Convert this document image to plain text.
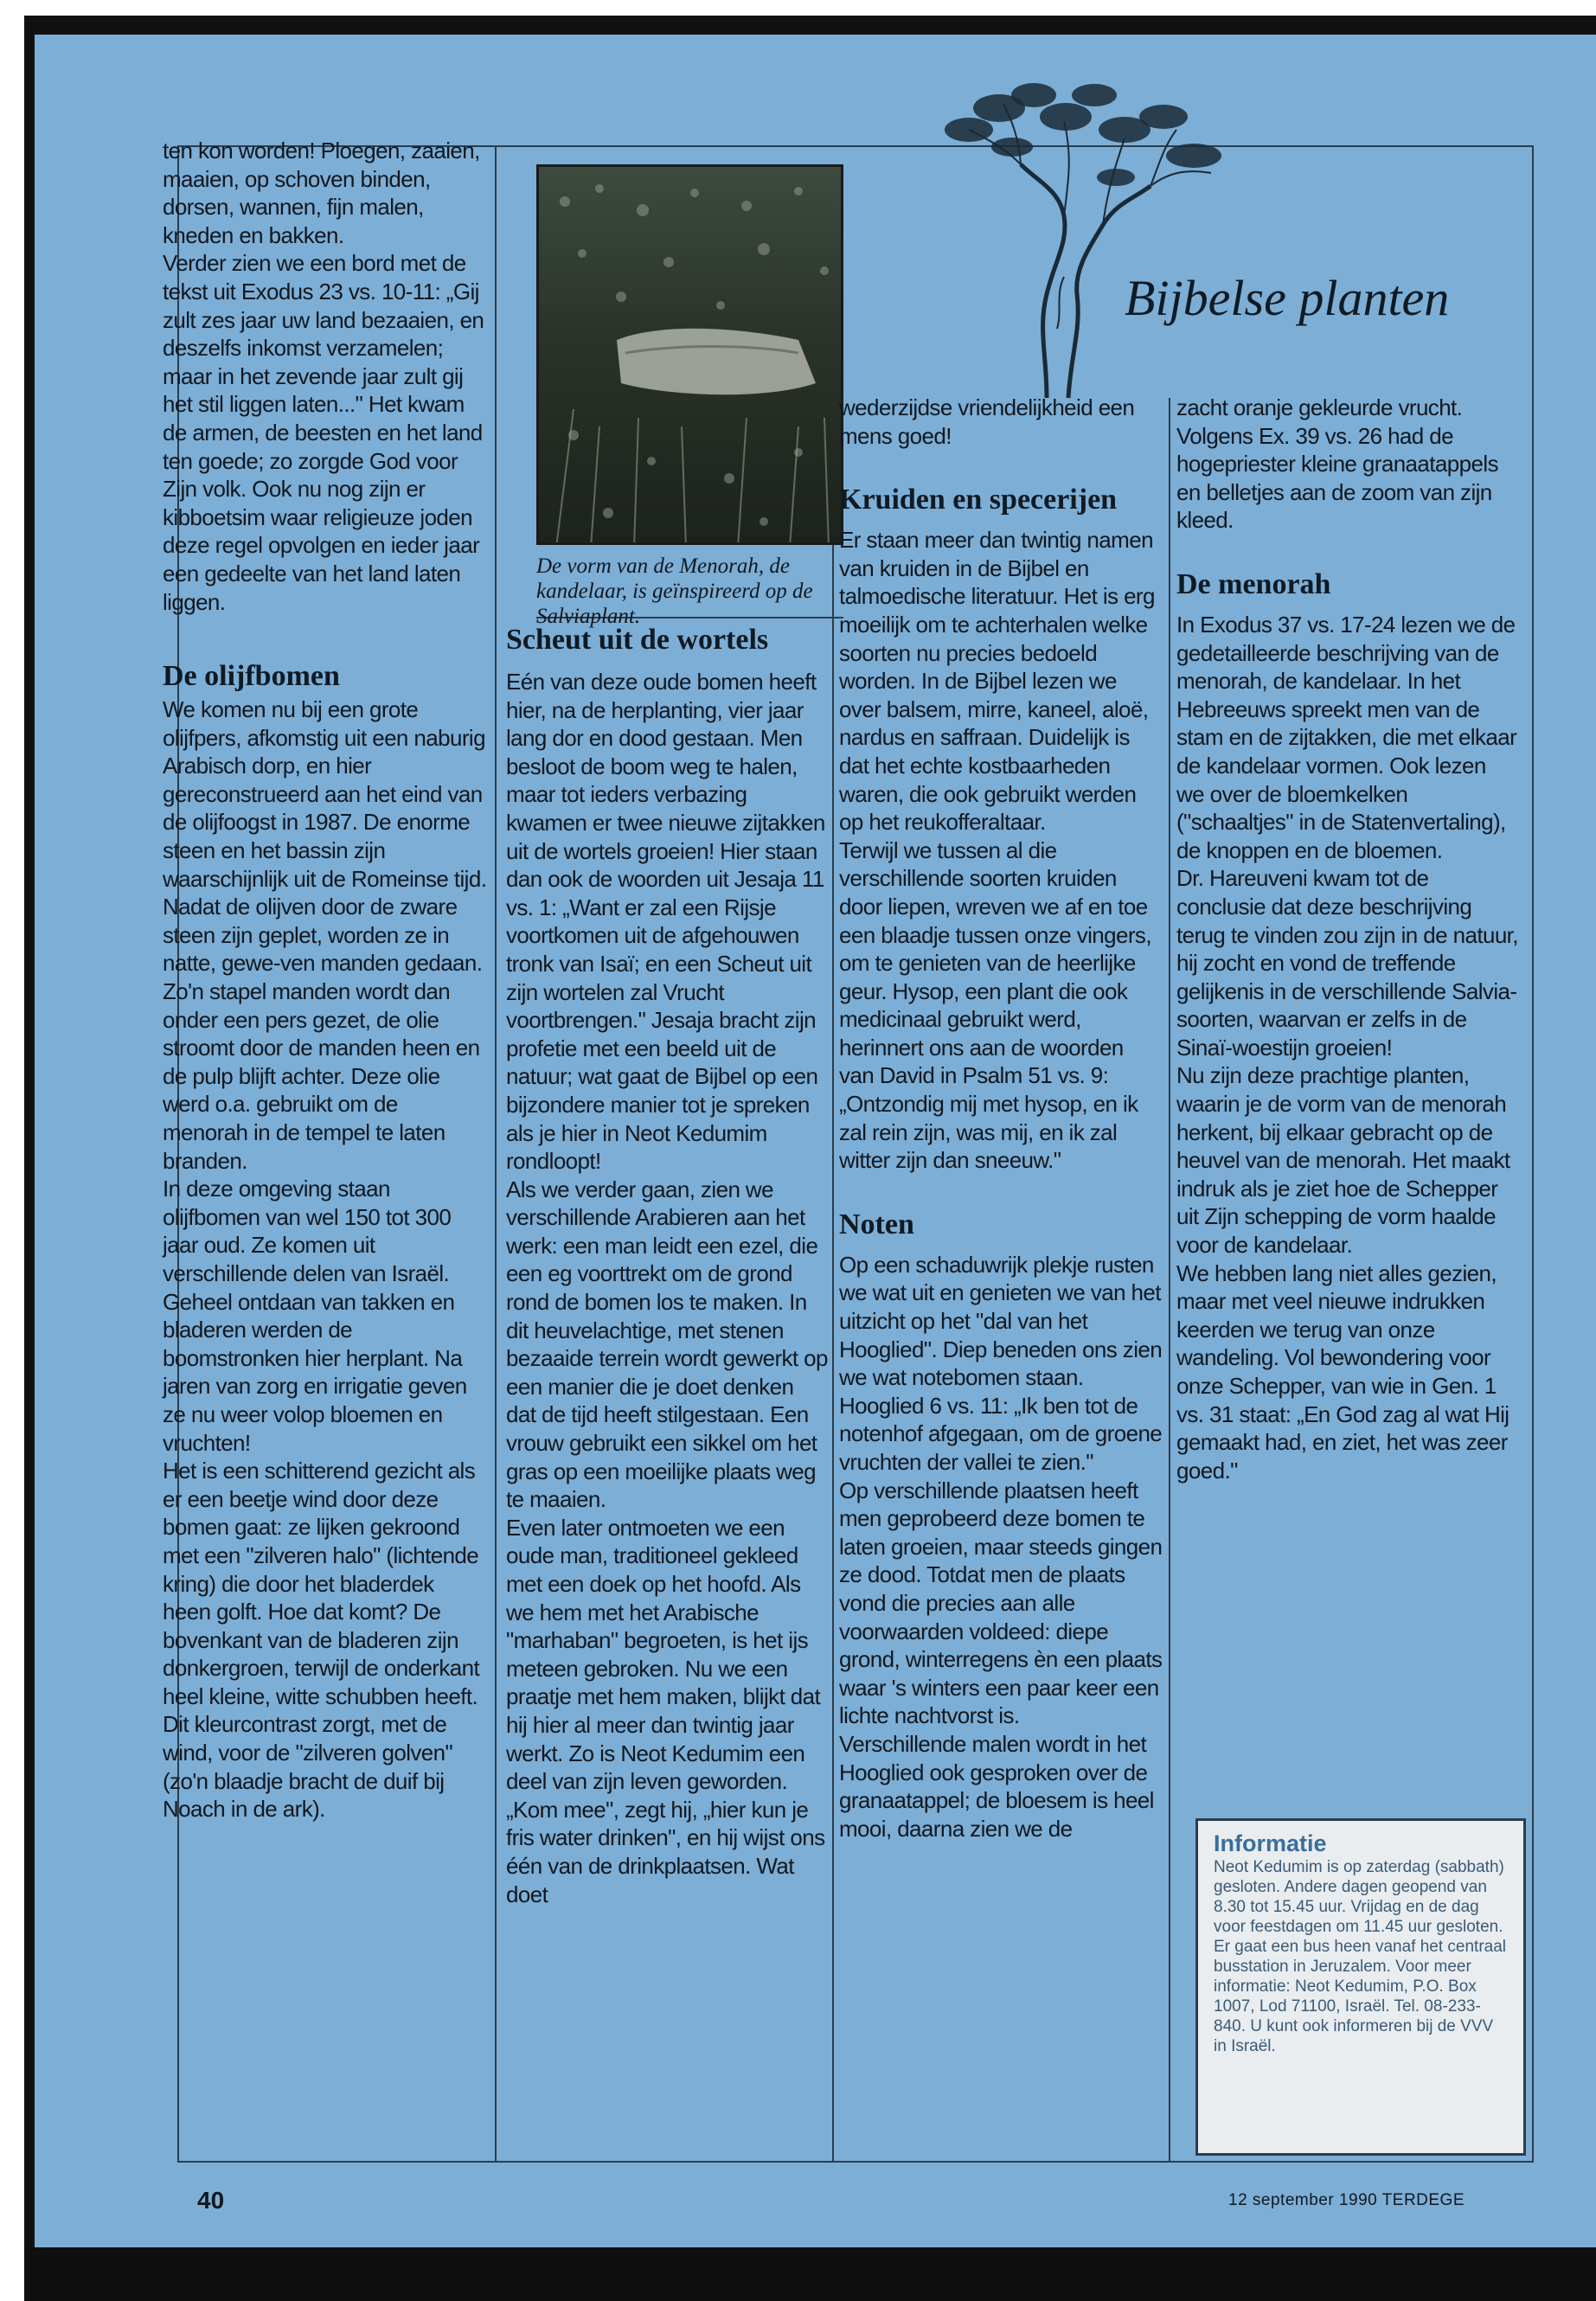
Bijbelse planten
De vorm van de Menorah, de kandelaar, is geïnspireerd op de Salviaplant.

ten kon worden! Ploegen, zaaien, maaien, op schoven binden, dorsen, wannen, fijn malen, kneden en bakken.

Verder zien we een bord met de tekst uit Exodus 23 vs. 10-11: „Gij zult zes jaar uw land bezaaien, en deszelfs inkomst verzamelen; maar in het zevende jaar zult gij het stil liggen laten..." Het kwam de armen, de beesten en het land ten goede; zo zorgde God voor Zijn volk. Ook nu nog zijn er kibboetsim waar religieuze joden deze regel opvolgen en ieder jaar een gedeelte van het land laten liggen.

De olijfbomen

We komen nu bij een grote olijfpers, afkomstig uit een naburig Arabisch dorp, en hier gereconstrueerd aan het eind van de olijfoogst in 1987. De enorme steen en het bassin zijn waarschijnlijk uit de Romeinse tijd.

Nadat de olijven door de zware steen zijn geplet, worden ze in natte, gewe-ven manden gedaan. Zo'n stapel manden wordt dan onder een pers gezet, de olie stroomt door de manden heen en de pulp blijft achter. Deze olie werd o.a. gebruikt om de menorah in de tempel te laten branden.

In deze omgeving staan olijfbomen van wel 150 tot 300 jaar oud. Ze komen uit verschillende delen van Israël. Geheel ontdaan van takken en bladeren werden de boomstronken hier herplant. Na jaren van zorg en irrigatie geven ze nu weer volop bloemen en vruchten!

Het is een schitterend gezicht als er een beetje wind door deze bomen gaat: ze lijken gekroond met een "zilveren halo" (lichtende kring) die door het bladerdek heen golft. Hoe dat komt? De bovenkant van de bladeren zijn donkergroen, terwijl de onderkant heel kleine, witte schubben heeft. Dit kleurcontrast zorgt, met de wind, voor de "zilveren golven" (zo'n blaadje bracht de duif bij Noach in de ark).

Scheut uit de wortels

Eén van deze oude bomen heeft hier, na de herplanting, vier jaar lang dor en dood gestaan. Men besloot de boom weg te halen, maar tot ieders verbazing kwamen er twee nieuwe zijtakken uit de wortels groeien! Hier staan dan ook de woorden uit Jesaja 11 vs. 1: „Want er zal een Rijsje voortkomen uit de afgehouwen tronk van Isaï; en een Scheut uit zijn wortelen zal Vrucht voortbrengen." Jesaja bracht zijn profetie met een beeld uit de natuur; wat gaat de Bijbel op een bijzondere manier tot je spreken als je hier in Neot Kedumim rondloopt!

Als we verder gaan, zien we verschillende Arabieren aan het werk: een man leidt een ezel, die een eg voorttrekt om de grond rond de bomen los te maken. In dit heuvelachtige, met stenen bezaaide terrein wordt gewerkt op een manier die je doet denken dat de tijd heeft stilgestaan. Een vrouw gebruikt een sikkel om het gras op een moeilijke plaats weg te maaien.

Even later ontmoeten we een oude man, traditioneel gekleed met een doek op het hoofd. Als we hem met het Arabische "marhaban" begroeten, is het ijs meteen gebroken. Nu we een praatje met hem maken, blijkt dat hij hier al meer dan twintig jaar werkt. Zo is Neot Kedumim een deel van zijn leven geworden. „Kom mee", zegt hij, „hier kun je fris water drinken", en hij wijst ons één van de drinkplaatsen. Wat doet

wederzijdse vriendelijkheid een mens goed!

Kruiden en specerijen

Er staan meer dan twintig namen van kruiden in de Bijbel en talmoedische literatuur. Het is erg moeilijk om te achterhalen welke soorten nu precies bedoeld worden. In de Bijbel lezen we over balsem, mirre, kaneel, aloë, nardus en saffraan. Duidelijk is dat het echte kostbaarheden waren, die ook gebruikt werden op het reukofferaltaar.

Terwijl we tussen al die verschillende soorten kruiden door liepen, wreven we af en toe een blaadje tussen onze vingers, om te genieten van de heerlijke geur. Hysop, een plant die ook medicinaal gebruikt werd, herinnert ons aan de woorden van David in Psalm 51 vs. 9: „Ontzondig mij met hysop, en ik zal rein zijn, was mij, en ik zal witter zijn dan sneeuw."

Noten

Op een schaduwrijk plekje rusten we wat uit en genieten we van het uitzicht op het "dal van het Hooglied". Diep beneden ons zien we wat notebomen staan. Hooglied 6 vs. 11: „Ik ben tot de notenhof afgegaan, om de groene vruchten der vallei te zien."

Op verschillende plaatsen heeft men geprobeerd deze bomen te laten groeien, maar steeds gingen ze dood. Totdat men de plaats vond die precies aan alle voorwaarden voldeed: diepe grond, winterregens èn een plaats waar 's winters een paar keer een lichte nachtvorst is.

Verschillende malen wordt in het Hooglied ook gesproken over de granaatappel; de bloesem is heel mooi, daarna zien we de

zacht oranje gekleurde vrucht. Volgens Ex. 39 vs. 26 had de hogepriester kleine granaatappels en belletjes aan de zoom van zijn kleed.

De menorah

In Exodus 37 vs. 17-24 lezen we de gedetailleerde beschrijving van de menorah, de kandelaar. In het Hebreeuws spreekt men van de stam en de zijtakken, die met elkaar de kandelaar vormen. Ook lezen we over de bloemkelken ("schaaltjes" in de Statenvertaling), de knoppen en de bloemen.

Dr. Hareuveni kwam tot de conclusie dat deze beschrijving terug te vinden zou zijn in de natuur, hij zocht en vond de treffende gelijkenis in de verschillende Salvia-soorten, waarvan er zelfs in de Sinaï-woestijn groeien!

Nu zijn deze prachtige planten, waarin je de vorm van de menorah herkent, bij elkaar gebracht op de heuvel van de menorah. Het maakt indruk als je ziet hoe de Schepper uit Zijn schepping de vorm haalde voor de kandelaar.

We hebben lang niet alles gezien, maar met veel nieuwe indrukken keerden we terug van onze wandeling. Vol bewondering voor onze Schepper, van wie in Gen. 1 vs. 31 staat: „En God zag al wat Hij gemaakt had, en ziet, het was zeer goed."

Informatie
Neot Kedumim is op zaterdag (sabbath) gesloten. Andere dagen geopend van 8.30 tot 15.45 uur. Vrijdag en de dag voor feestdagen om 11.45 uur gesloten. Er gaat een bus heen vanaf het centraal busstation in Jeruzalem. Voor meer informatie: Neot Kedumim, P.O. Box 1007, Lod 71100, Israël. Tel. 08-233-840. U kunt ook informeren bij de VVV in Israël.
40	12 september 1990 TERDEGE
